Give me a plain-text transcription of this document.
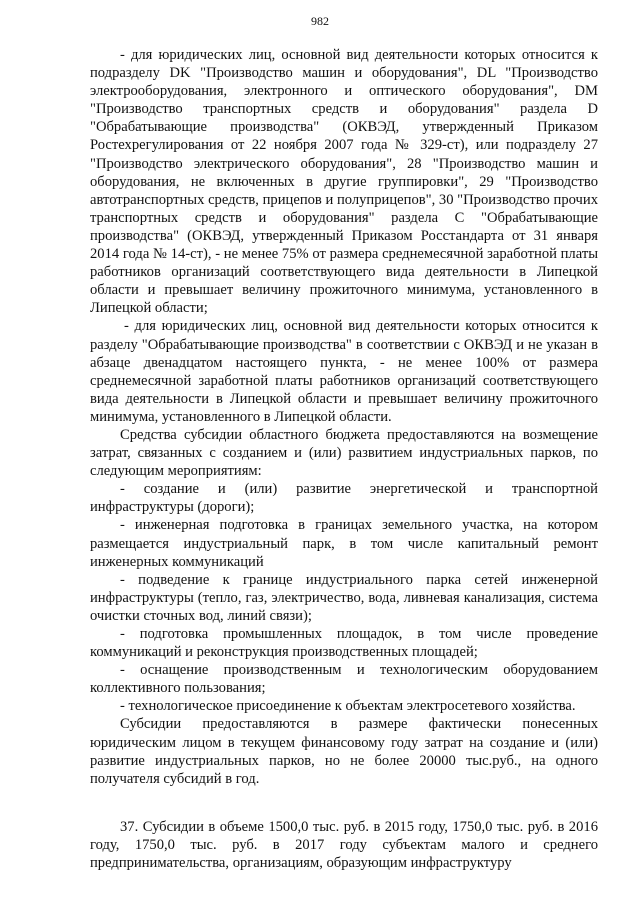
982

- для юридических лиц, основной вид деятельности которых относится к подразделу DK "Производство машин и оборудования", DL "Производство электрооборудования, электронного и оптического оборудования", DM "Производство транспортных средств и оборудования" раздела D "Обрабатывающие производства" (ОКВЭД, утвержденный Приказом Ростехрегулирования от 22 ноября 2007 года № 329-ст), или подразделу 27 "Производство электрического оборудования", 28 "Производство машин и оборудования, не включенных в другие группировки", 29 "Производство автотранспортных средств, прицепов и полуприцепов", 30 "Производство прочих транспортных средств и оборудования" раздела C "Обрабатывающие производства" (ОКВЭД, утвержденный Приказом Росстандарта от 31 января 2014 года № 14-ст), - не менее 75% от размера среднемесячной заработной платы работников организаций соответствующего вида деятельности в Липецкой области и превышает величину прожиточного минимума, установленного в Липецкой области;

- для юридических лиц, основной вид деятельности которых относится к разделу "Обрабатывающие производства" в соответствии с ОКВЭД и не указан в абзаце двенадцатом настоящего пункта, - не менее 100% от размера среднемесячной заработной платы работников организаций соответствующего вида деятельности в Липецкой области и превышает величину прожиточного минимума, установленного в Липецкой области.

Средства субсидии областного бюджета предоставляются на возмещение затрат, связанных с созданием и (или) развитием индустриальных парков, по следующим мероприятиям:

- создание и (или) развитие энергетической и транспортной инфраструктуры (дороги);

- инженерная подготовка в границах земельного участка, на котором размещается индустриальный парк, в том числе капитальный ремонт инженерных коммуникаций

- подведение к границе индустриального парка сетей инженерной инфраструктуры (тепло, газ, электричество, вода, ливневая канализация, система очистки сточных вод, линий связи);

- подготовка промышленных площадок, в том числе проведение коммуникаций и реконструкция производственных площадей;

- оснащение производственным и технологическим оборудованием коллективного пользования;

- технологическое присоединение к объектам электросетевого хозяйства.

Субсидии предоставляются в размере фактически понесенных юридическим лицом в текущем финансовому году затрат на создание и (или) развитие индустриальных парков, но не более 20000 тыс.руб., на одного получателя субсидий в год.

37. Субсидии в объеме 1500,0 тыс. руб. в 2015 году, 1750,0 тыс. руб. в 2016 году, 1750,0 тыс. руб. в 2017 году субъектам малого и среднего предпринимательства, организациям, образующим инфраструктуру
